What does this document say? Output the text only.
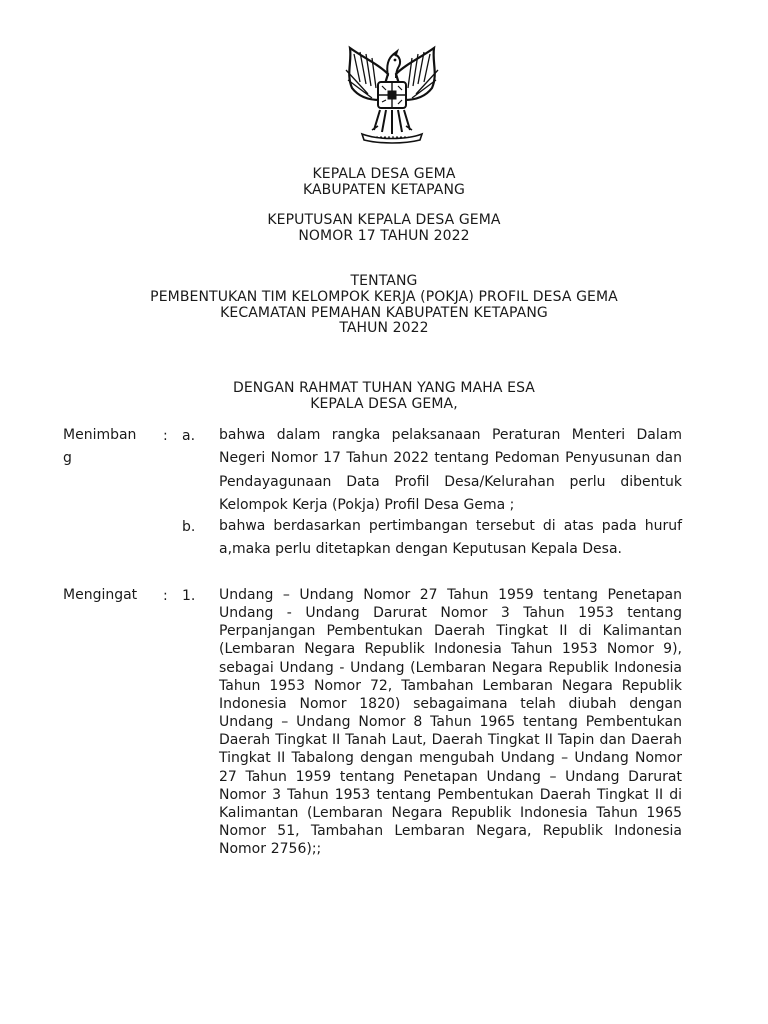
KEPALA DESA GEMA
KABUPATEN KETAPANG
KEPUTUSAN KEPALA DESA GEMA
NOMOR 17 TAHUN 2022
TENTANG
PEMBENTUKAN TIM KELOMPOK KERJA (POKJA) PROFIL DESA GEMA
KECAMATAN PEMAHAN KABUPATEN KETAPANG
TAHUN 2022
DENGAN RAHMAT TUHAN YANG MAHA ESA
KEPALA DESA GEMA,
Menimban
g
: a. bahwa dalam rangka pelaksanaan Peraturan Menteri Dalam Negeri Nomor 17 Tahun 2022 tentang Pedoman Penyusunan dan Pendayagunaan Data Profil Desa/Kelurahan perlu dibentuk Kelompok Kerja (Pokja) Profil Desa Gema ;
b. bahwa berdasarkan pertimbangan tersebut di atas pada huruf a,maka perlu ditetapkan dengan Keputusan Kepala Desa.
Mengingat : 1. Undang – Undang Nomor 27 Tahun 1959 tentang Penetapan Undang - Undang Darurat Nomor 3 Tahun 1953 tentang Perpanjangan Pembentukan Daerah Tingkat II di Kalimantan (Lembaran Negara Republik Indonesia Tahun 1953 Nomor 9), sebagai Undang - Undang (Lembaran Negara Republik Indonesia Tahun 1953 Nomor 72, Tambahan Lembaran Negara Republik Indonesia Nomor 1820) sebagaimana telah diubah dengan Undang – Undang Nomor 8 Tahun 1965 tentang Pembentukan Daerah Tingkat II Tanah Laut, Daerah Tingkat II Tapin dan Daerah Tingkat II Tabalong dengan mengubah Undang – Undang Nomor 27 Tahun 1959 tentang Penetapan Undang – Undang Darurat Nomor 3 Tahun 1953 tentang Pembentukan Daerah Tingkat II di Kalimantan (Lembaran Negara Republik Indonesia Tahun 1965 Nomor 51, Tambahan Lembaran Negara, Republik Indonesia Nomor 2756);;
